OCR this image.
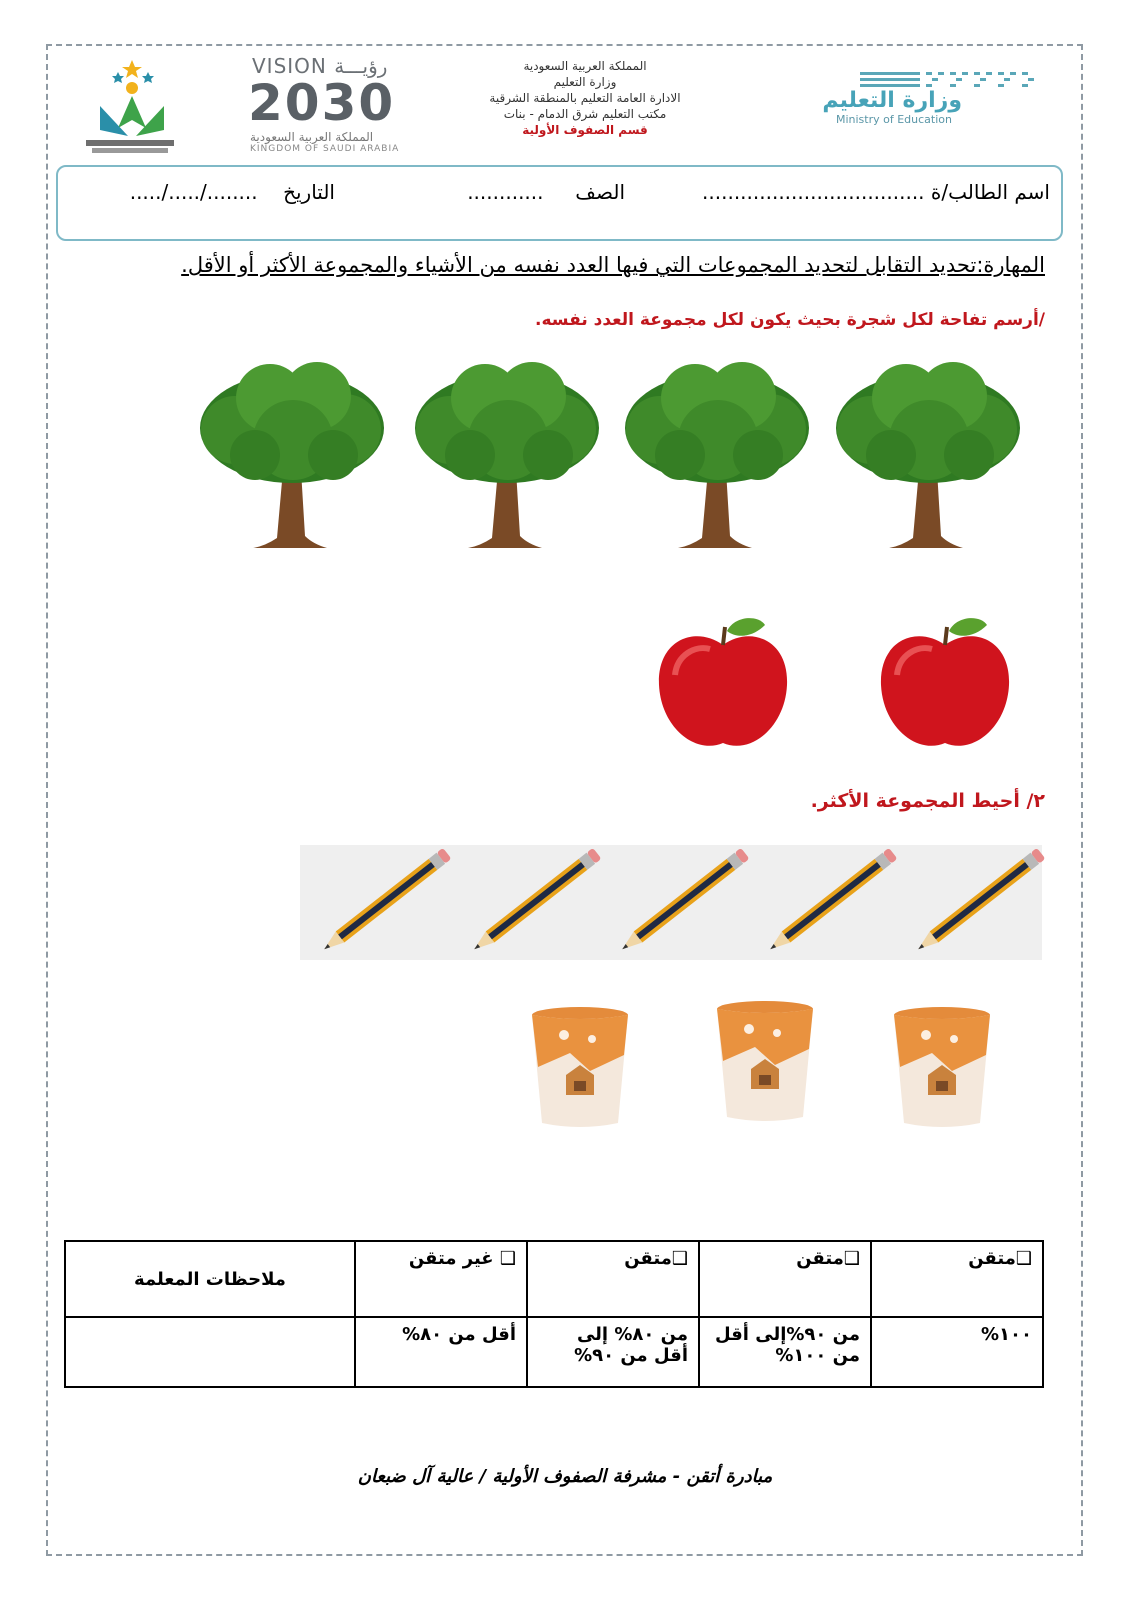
VISION رؤيـــة
2030
المملكة العربية السعودية
KINGDOM OF SAUDI ARABIA
المملكة العربية السعودية
وزارة التعليم
الادارة العامة التعليم بالمنطقة الشرقية
مكتب التعليم شرق الدمام - بنات
قسم الصفوف الأولية
وزارة التعليم
Ministry of Education
اسم الطالب/ة ...................................
الصف     ............
التاريخ    ...../...../........
المهارة:تحديد التقابل لتحديد المجموعات التي فيها العدد نفسه من الأشياء والمجموعة الأكثر أو الأقل.
/أرسم تفاحة لكل شجرة بحيث يكون لكل مجموعة العدد نفسه.
٢/ أحيط المجموعة الأكثر.
❑متقن	❑متقن	❑متقن	❑ غير متقن	ملاحظات المعلمة
١٠٠%	من ٩٠%إلى أقل من ١٠٠%	من ٨٠% إلى أقل من ٩٠%	أقل من ٨٠%	
مبادرة أتقن - مشرفة الصفوف الأولية / عالية آل ضبعان
